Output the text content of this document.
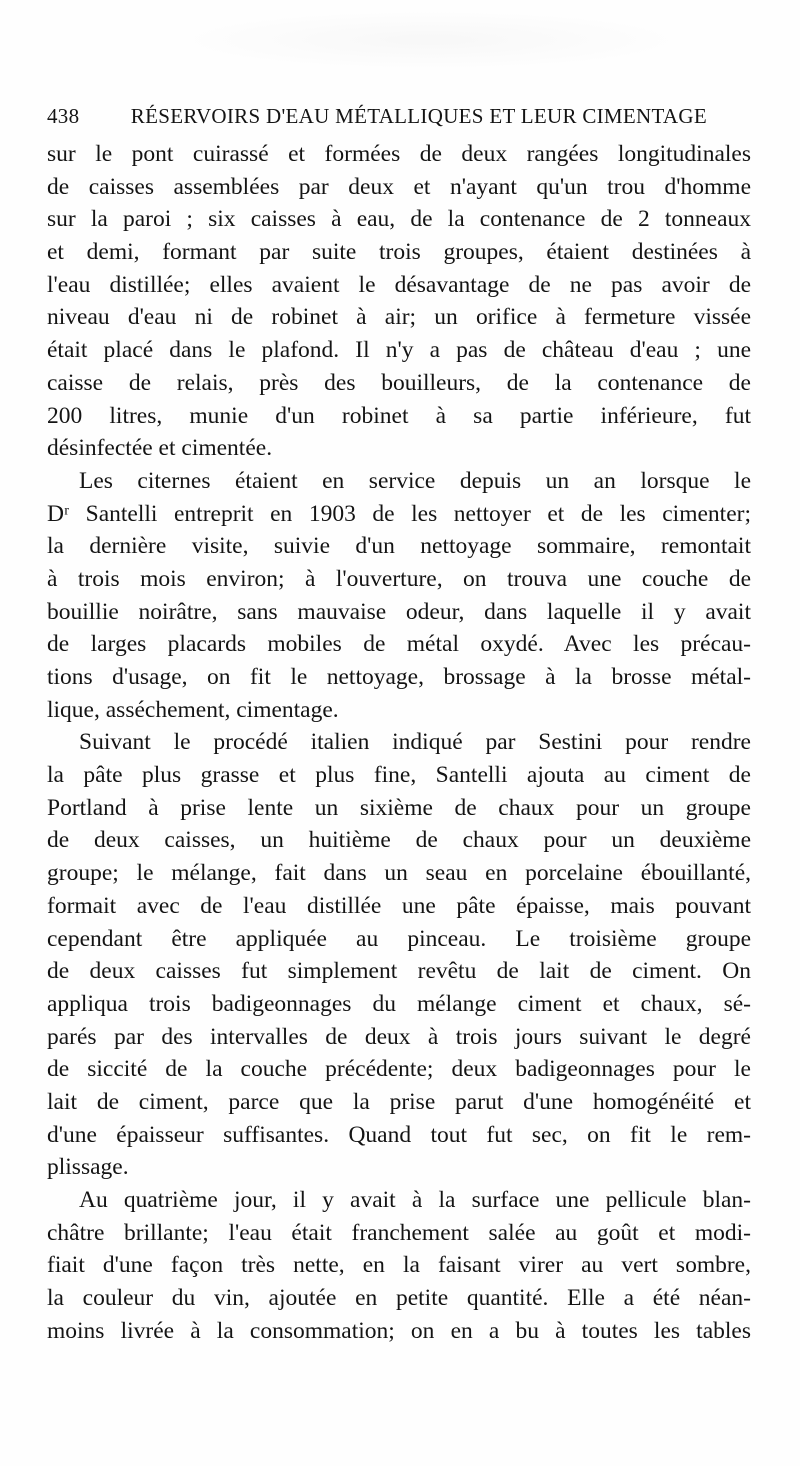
438 RÉSERVOIRS D'EAU MÉTALLIQUES ET LEUR CIMENTAGE
sur le pont cuirassé et formées de deux rangées longitudinales
de caisses assemblées par deux et n'ayant qu'un trou d'homme
sur la paroi ; six caisses à eau, de la contenance de 2 tonneaux
et demi, formant par suite trois groupes, étaient destinées à
l'eau distillée; elles avaient le désavantage de ne pas avoir de
niveau d'eau ni de robinet à air; un orifice à fermeture vissée
était placé dans le plafond. Il n'y a pas de château d'eau ; une
caisse de relais, près des bouilleurs, de la contenance de
200 litres, munie d'un robinet à sa partie inférieure, fut
désinfectée et cimentée.
Les citernes étaient en service depuis un an lorsque le
Dʳ Santelli entreprit en 1903 de les nettoyer et de les cimenter;
la dernière visite, suivie d'un nettoyage sommaire, remontait
à trois mois environ; à l'ouverture, on trouva une couche de
bouillie noirâtre, sans mauvaise odeur, dans laquelle il y avait
de larges placards mobiles de métal oxydé. Avec les précau-
tions d'usage, on fit le nettoyage, brossage à la brosse métal-
lique, asséchement, cimentage.
Suivant le procédé italien indiqué par Sestini pour rendre
la pâte plus grasse et plus fine, Santelli ajouta au ciment de
Portland à prise lente un sixième de chaux pour un groupe
de deux caisses, un huitième de chaux pour un deuxième
groupe; le mélange, fait dans un seau en porcelaine ébouillanté,
formait avec de l'eau distillée une pâte épaisse, mais pouvant
cependant être appliquée au pinceau. Le troisième groupe
de deux caisses fut simplement revêtu de lait de ciment. On
appliqua trois badigeonnages du mélange ciment et chaux, sé-
parés par des intervalles de deux à trois jours suivant le degré
de siccité de la couche précédente; deux badigeonnages pour le
lait de ciment, parce que la prise parut d'une homogénéité et
d'une épaisseur suffisantes. Quand tout fut sec, on fit le rem-
plissage.
Au quatrième jour, il y avait à la surface une pellicule blan-
châtre brillante; l'eau était franchement salée au goût et modi-
fiait d'une façon très nette, en la faisant virer au vert sombre,
la couleur du vin, ajoutée en petite quantité. Elle a été néan-
moins livrée à la consommation; on en a bu à toutes les tables
